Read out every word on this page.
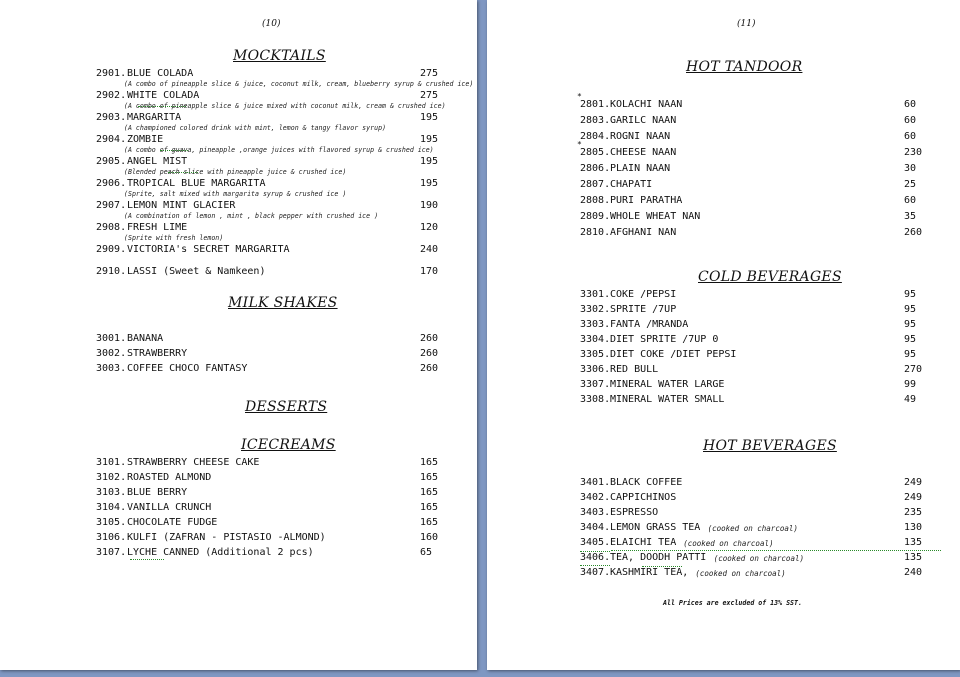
(10)
MOCKTAILS
2901. BLUE COLADA	275
(A combo of pineapple slice & juice, coconut milk, cream, blueberry syrup & crushed ice)
2902. WHITE COLADA	275
(A combo of pineapple slice & juice mixed with coconut milk, cream & crushed ice)
2903. MARGARITA	195
(A championed colored drink with mint, lemon & tangy flavor syrup)
2904. ZOMBIE	195
(A combo of guava, pineapple ,orange juices with flavored syrup & crushed ice)
2905. ANGEL MIST	195
(Blended peach slice with pineapple juice & crushed ice)
2906. TROPICAL BLUE MARGARITA	195
(Sprite, salt mixed with margarita syrup & crushed ice )
2907. LEMON MINT GLACIER	190
(A combination of lemon , mint , black pepper with crushed ice )
2908. FRESH LIME	120
(Sprite with fresh lemon)
2909. VICTORIA's SECRET MARGARITA	240
2910. LASSI (Sweet & Namkeen)	170
MILK SHAKES
3001. BANANA	260
3002. STRAWBERRY	260
3003. COFFEE CHOCO FANTASY	260
DESSERTS
ICECREAMS
3101. STRAWBERRY CHEESE CAKE	165
3102. ROASTED ALMOND	165
3103. BLUE BERRY	165
3104. VANILLA CRUNCH	165
3105. CHOCOLATE FUDGE	165
3106. KULFI (ZAFRAN - PISTASIO -ALMOND)	160
3107. LYCHE CANNED (Additional 2 pcs)	65
(11)
HOT TANDOOR
2801. KOLACHI NAAN	60
*
2803. GARILC NAAN	60
2804. ROGNI NAAN	60
2805. CHEESE NAAN	230
*
2806. PLAIN NAAN	30
2807. CHAPATI	25
2808. PURI PARATHA	60
2809. WHOLE WHEAT NAN	35
2810. AFGHANI NAN	260
COLD BEVERAGES
3301. COKE /PEPSI	95
3302. SPRITE /7UP	95
3303. FANTA /MRANDA	95
3304. DIET SPRITE /7UP 0	95
3305. DIET COKE /DIET PEPSI	95
3306. RED BULL	270
3307. MINERAL WATER LARGE	99
3308. MINERAL WATER SMALL	49
HOT BEVERAGES
3401. BLACK COFFEE	249
3402. CAPPICHINOS	249
3403. ESPRESSO	235
3404. LEMON GRASS TEA	130
(cooked on charcoal)
3405. ELAICHI TEA	135
(cooked on charcoal)
3406. TEA, DOODH PATTI	135
(cooked on charcoal)
3407. KASHMIRI TEA,	240
(cooked on charcoal)
All Prices are excluded of 13% SST.
